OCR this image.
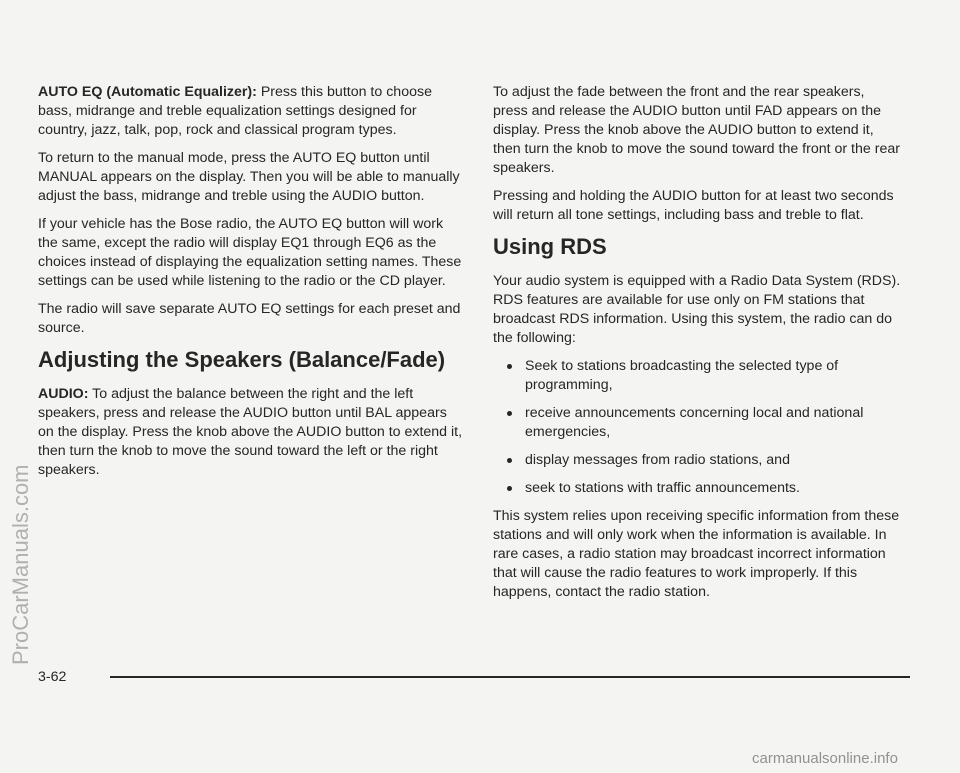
AUTO EQ (Automatic Equalizer): Press this button to choose bass, midrange and treble equalization settings designed for country, jazz, talk, pop, rock and classical program types.

To return to the manual mode, press the AUTO EQ button until MANUAL appears on the display. Then you will be able to manually adjust the bass, midrange and treble using the AUDIO button.

If your vehicle has the Bose radio, the AUTO EQ button will work the same, except the radio will display EQ1 through EQ6 as the choices instead of displaying the equalization setting names. These settings can be used while listening to the radio or the CD player.

The radio will save separate AUTO EQ settings for each preset and source.

Adjusting the Speakers (Balance/Fade)

AUDIO: To adjust the balance between the right and the left speakers, press and release the AUDIO button until BAL appears on the display. Press the knob above the AUDIO button to extend it, then turn the knob to move the sound toward the left or the right speakers.

To adjust the fade between the front and the rear speakers, press and release the AUDIO button until FAD appears on the display. Press the knob above the AUDIO button to extend it, then turn the knob to move the sound toward the front or the rear speakers.

Pressing and holding the AUDIO button for at least two seconds will return all tone settings, including bass and treble to flat.

Using RDS

Your audio system is equipped with a Radio Data System (RDS). RDS features are available for use only on FM stations that broadcast RDS information. Using this system, the radio can do the following:

Seek to stations broadcasting the selected type of programming,
receive announcements concerning local and national emergencies,
display messages from radio stations, and
seek to stations with traffic announcements.

This system relies upon receiving specific information from these stations and will only work when the information is available. In rare cases, a radio station may broadcast incorrect information that will cause the radio features to work improperly. If this happens, contact the radio station.

3-62
ProCarManuals.com
carmanualsonline.info
